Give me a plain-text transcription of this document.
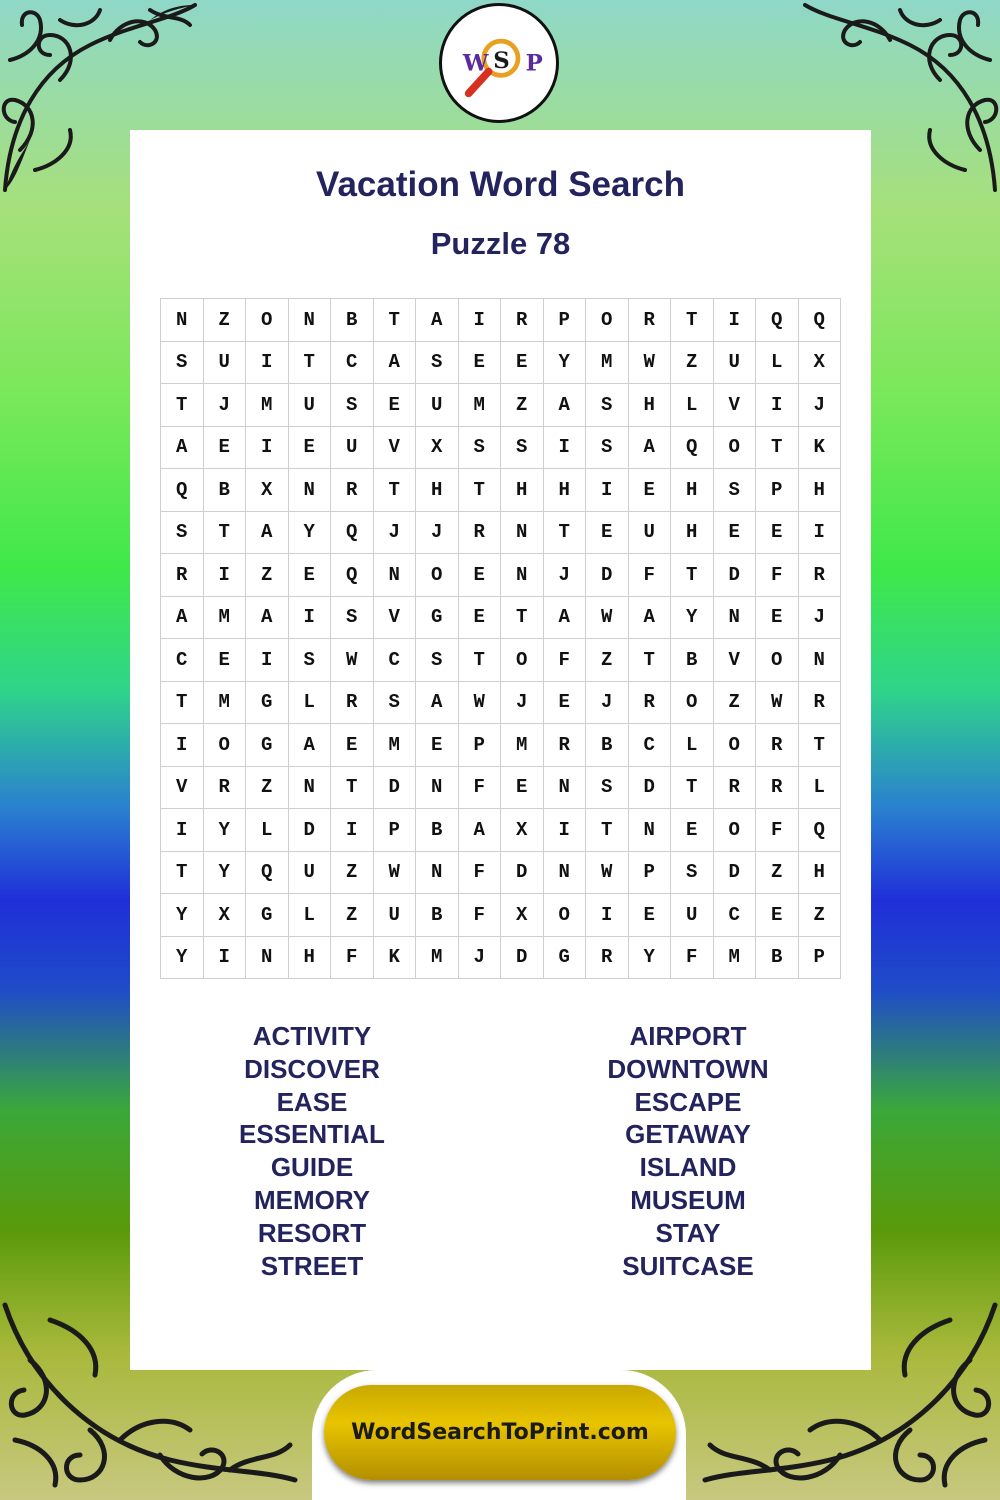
W S P
Vacation Word Search
Puzzle 78
N	Z	O	N	B	T	A	I	R	P	O	R	T	I	Q	Q
S	U	I	T	C	A	S	E	E	Y	M	W	Z	U	L	X
T	J	M	U	S	E	U	M	Z	A	S	H	L	V	I	J
A	E	I	E	U	V	X	S	S	I	S	A	Q	O	T	K
Q	B	X	N	R	T	H	T	H	H	I	E	H	S	P	H
S	T	A	Y	Q	J	J	R	N	T	E	U	H	E	E	I
R	I	Z	E	Q	N	O	E	N	J	D	F	T	D	F	R
A	M	A	I	S	V	G	E	T	A	W	A	Y	N	E	J
C	E	I	S	W	C	S	T	O	F	Z	T	B	V	O	N
T	M	G	L	R	S	A	W	J	E	J	R	O	Z	W	R
I	O	G	A	E	M	E	P	M	R	B	C	L	O	R	T
V	R	Z	N	T	D	N	F	E	N	S	D	T	R	R	L
I	Y	L	D	I	P	B	A	X	I	T	N	E	O	F	Q
T	Y	Q	U	Z	W	N	F	D	N	W	P	S	D	Z	H
Y	X	G	L	Z	U	B	F	X	O	I	E	U	C	E	Z
Y	I	N	H	F	K	M	J	D	G	R	Y	F	M	B	P
ACTIVITY
DISCOVER
EASE
ESSENTIAL
GUIDE
MEMORY
RESORT
STREET
AIRPORT
DOWNTOWN
ESCAPE
GETAWAY
ISLAND
MUSEUM
STAY
SUITCASE
WordSearchToPrint.com
